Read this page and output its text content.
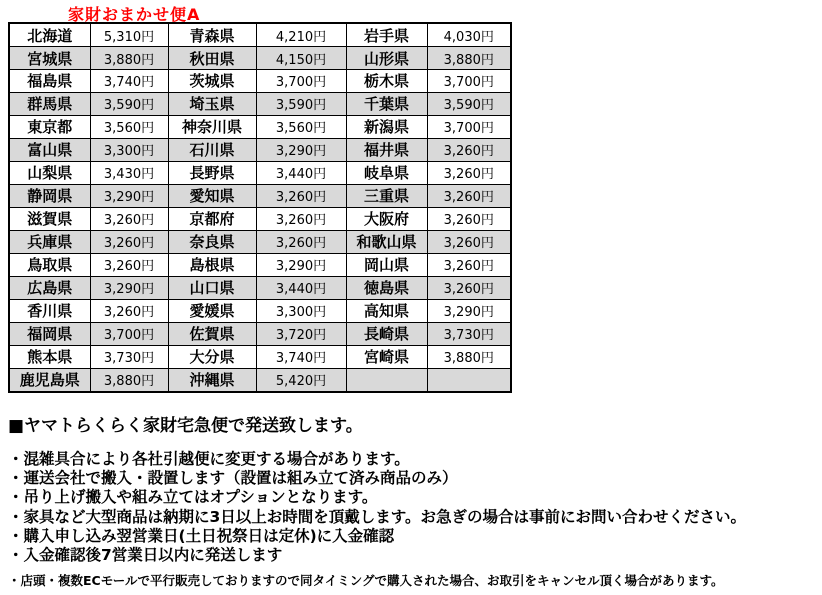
家財おまかせ便A
北海道	5,310円	青森県	4,210円	岩手県	4,030円
宮城県	3,880円	秋田県	4,150円	山形県	3,880円
福島県	3,740円	茨城県	3,700円	栃木県	3,700円
群馬県	3,590円	埼玉県	3,590円	千葉県	3,590円
東京都	3,560円	神奈川県	3,560円	新潟県	3,700円
富山県	3,300円	石川県	3,290円	福井県	3,260円
山梨県	3,430円	長野県	3,440円	岐阜県	3,260円
静岡県	3,290円	愛知県	3,260円	三重県	3,260円
滋賀県	3,260円	京都府	3,260円	大阪府	3,260円
兵庫県	3,260円	奈良県	3,260円	和歌山県	3,260円
鳥取県	3,260円	島根県	3,290円	岡山県	3,260円
広島県	3,290円	山口県	3,440円	徳島県	3,260円
香川県	3,260円	愛媛県	3,300円	高知県	3,290円
福岡県	3,700円	佐賀県	3,720円	長崎県	3,730円
熊本県	3,730円	大分県	3,740円	宮崎県	3,880円
鹿児島県	3,880円	沖縄県	5,420円		
■ヤマトらくらく家財宅急便で発送致します。
・混雑具合により各社引越便に変更する場合があります。
・運送会社で搬入・設置します（設置は組み立て済み商品のみ）
・吊り上げ搬入や組み立てはオプションとなります。
・家具など大型商品は納期に3日以上お時間を頂戴します。お急ぎの場合は事前にお問い合わせください。
・購入申し込み翌営業日(土日祝祭日は定休)に入金確認
・入金確認後7営業日以内に発送します
・店頭・複数ECモールで平行販売しておりますので同タイミングで購入された場合、お取引をキャンセル頂く場合があります。
